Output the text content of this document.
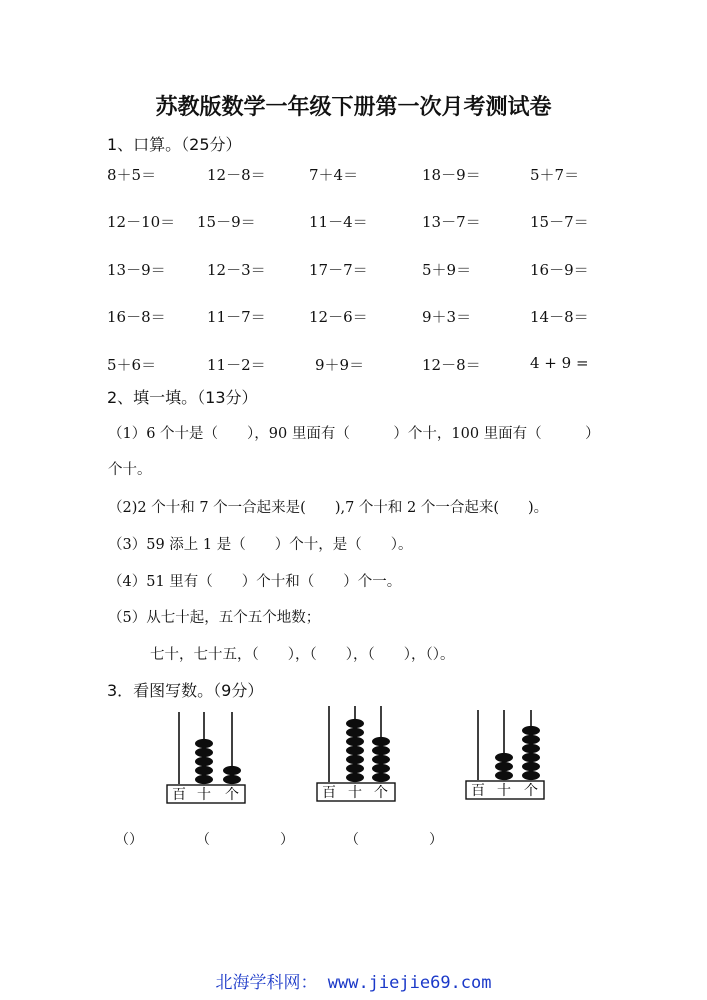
苏教版数学一年级下册第一次月考测试卷
1、口算。（25分）
8＋5＝	12－8＝	7＋4＝	18－9＝	5＋7＝
12－10＝ 15－9＝	11－4＝	13－7＝	15－7＝
13－9＝	12－3＝	17－7＝	5＋9＝	16－9＝
16－8＝	11－7＝	12－6＝	9＋3＝	14－8＝
5＋6＝	11－2＝	9＋9＝	12－8＝	4 + 9 =
2、填一填。（13分）
（1）6 个十是（　　），90 里面有（　　　）个十，100 里面有（　　　）
个十。
（2)2 个十和 7 个一合起来是(　　),7 个十和 2 个一合起来(　　)。
（3）59 添上 1 是（　　）个十，是（　　）。
（4）51 里有（　　）个十和（　　）个一。
（5）从七十起，五个五个地数；
七十，七十五，（　　），（　　），（　　），（）。
3．看图写数。（9分）
百 十 个	百 十 个	百 十 个
（）	（　　　　　）	（　　　　　）
北海学科网： www.jiejie69.com
